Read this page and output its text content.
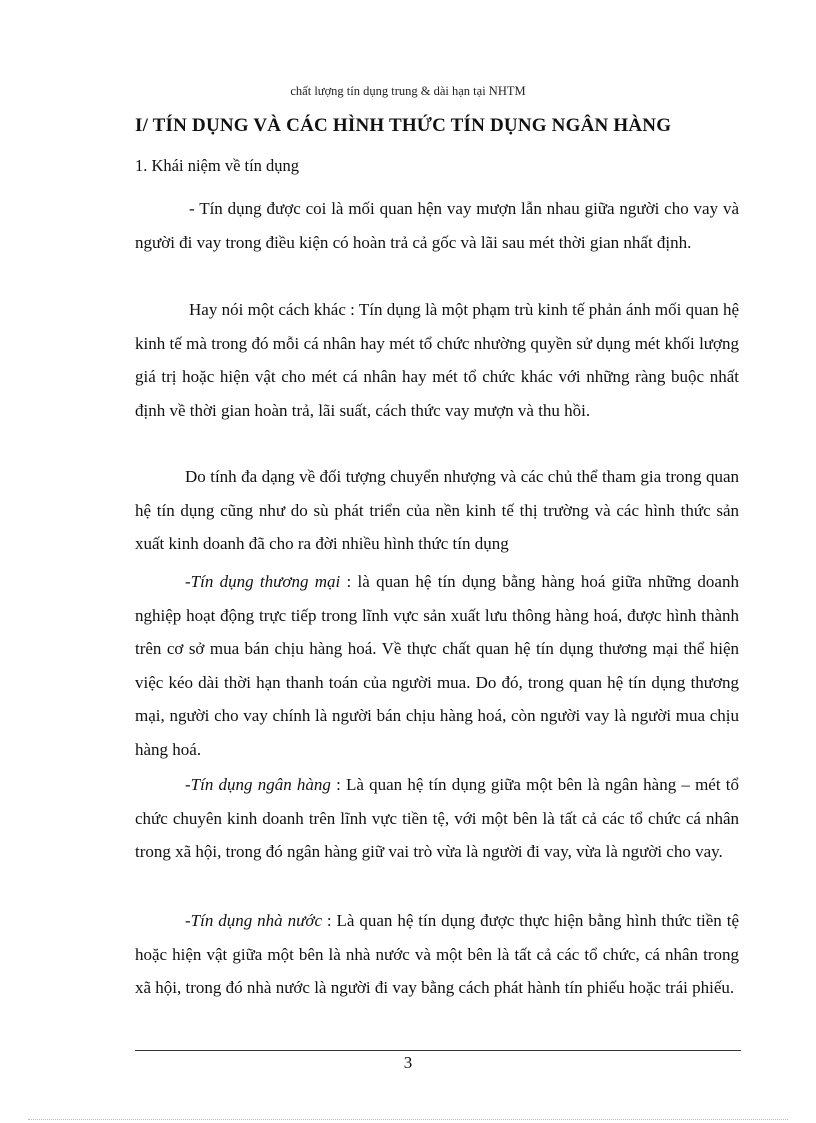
chất lượng tín dụng trung & dài hạn tại NHTM
I/ TÍN DỤNG VÀ CÁC HÌNH THỨC TÍN DỤNG NGÂN HÀNG
1. Khái niệm về tín dụng

- Tín dụng được coi là mối quan hện vay mượn lẫn nhau giữa người cho vay và người đi vay trong điều kiện có hoàn trả cả gốc và lãi sau mét thời gian nhất định.

Hay nói một cách khác : Tín dụng là một phạm trù kinh tế phản ánh mối quan hệ kinh tế mà trong đó mỗi cá nhân hay mét tổ chức nhường quyền sử dụng mét khối lượng giá trị hoặc hiện vật cho mét cá nhân hay mét tổ chức khác với những ràng buộc nhất định về thời gian hoàn trả, lãi suất, cách thức vay mượn và thu hồi.

Do tính đa dạng về đối tượng chuyển nhượng và các chủ thể tham gia trong quan hệ tín dụng cũng như do sù phát triển của nền kinh tế thị trường và các hình thức sản xuất kinh doanh đã cho ra đời nhiều hình thức tín dụng

-Tín dụng thương mại : là quan hệ tín dụng bằng hàng hoá giữa những doanh nghiệp hoạt động trực tiếp trong lĩnh vực sản xuất lưu thông hàng hoá, được hình thành trên cơ sở mua bán chịu hàng hoá. Về thực chất quan hệ tín dụng thương mại thể hiện việc kéo dài thời hạn thanh toán của người mua. Do đó, trong quan hệ tín dụng thương mại, người cho vay chính là người bán chịu hàng hoá, còn người vay là người mua chịu hàng hoá.

-Tín dụng ngân hàng : Là quan hệ tín dụng giữa một bên là ngân hàng – mét tổ chức chuyên kinh doanh trên lĩnh vực tiền tệ, với một bên là tất cả các tổ chức cá nhân trong xã hội, trong đó ngân hàng giữ vai trò vừa là người đi vay, vừa là người cho vay.

-Tín dụng nhà nước : Là quan hệ tín dụng được thực hiện bằng hình thức tiền tệ hoặc hiện vật giữa một bên là nhà nước và một bên là tất cả các tổ chức, cá nhân trong xã hội, trong đó nhà nước là người đi vay bằng cách phát hành tín phiếu hoặc trái phiếu.

3
